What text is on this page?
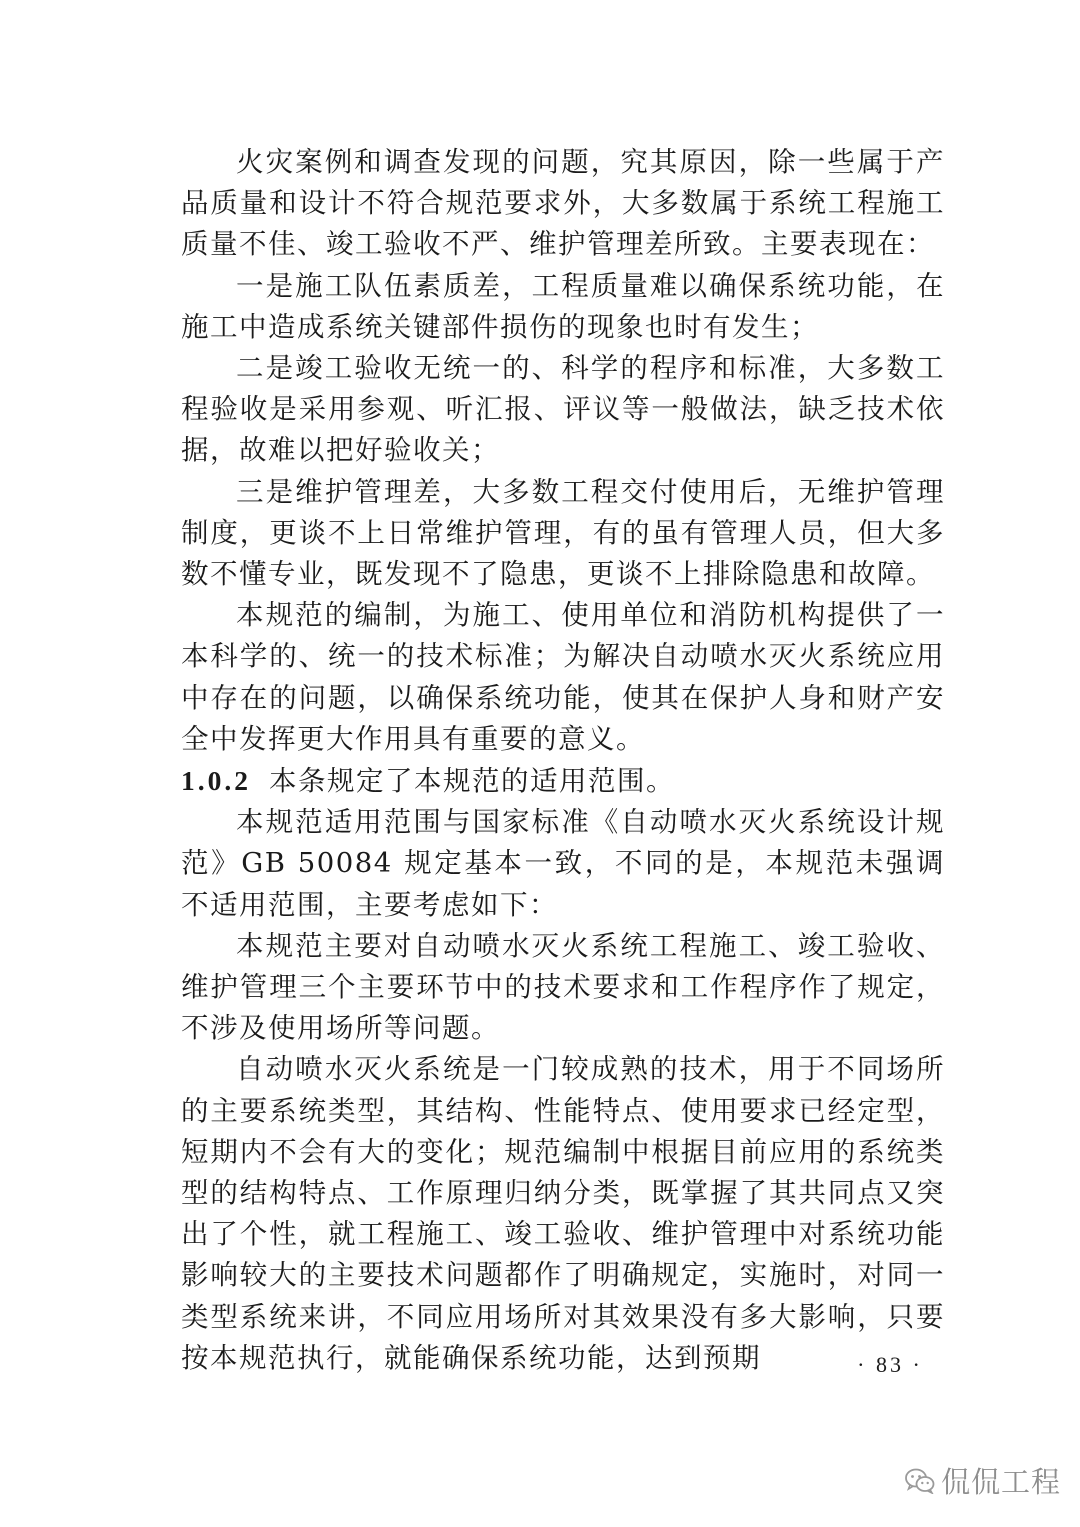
火灾案例和调查发现的问题，究其原因，除一些属于产品质量和设计不符合规范要求外，大多数属于系统工程施工质量不佳、竣工验收不严、维护管理差所致。主要表现在：

一是施工队伍素质差，工程质量难以确保系统功能，在施工中造成系统关键部件损伤的现象也时有发生；

二是竣工验收无统一的、科学的程序和标准，大多数工程验收是采用参观、听汇报、评议等一般做法，缺乏技术依据，故难以把好验收关；

三是维护管理差，大多数工程交付使用后，无维护管理制度，更谈不上日常维护管理，有的虽有管理人员，但大多数不懂专业，既发现不了隐患，更谈不上排除隐患和故障。

本规范的编制，为施工、使用单位和消防机构提供了一本科学的、统一的技术标准；为解决自动喷水灭火系统应用中存在的问题，以确保系统功能，使其在保护人身和财产安全中发挥更大作用具有重要的意义。

1.0.2 本条规定了本规范的适用范围。

本规范适用范围与国家标准《自动喷水灭火系统设计规范》GB 50084 规定基本一致，不同的是，本规范未强调不适用范围，主要考虑如下：

本规范主要对自动喷水灭火系统工程施工、竣工验收、维护管理三个主要环节中的技术要求和工作程序作了规定，不涉及使用场所等问题。

自动喷水灭火系统是一门较成熟的技术，用于不同场所的主要系统类型，其结构、性能特点、使用要求已经定型，短期内不会有大的变化；规范编制中根据目前应用的系统类型的结构特点、工作原理归纳分类，既掌握了其共同点又突出了个性，就工程施工、竣工验收、维护管理中对系统功能影响较大的主要技术问题都作了明确规定，实施时，对同一类型系统来讲，不同应用场所对其效果没有多大影响，只要按本规范执行，就能确保系统功能，达到预期	· 83 ·
侃侃工程
